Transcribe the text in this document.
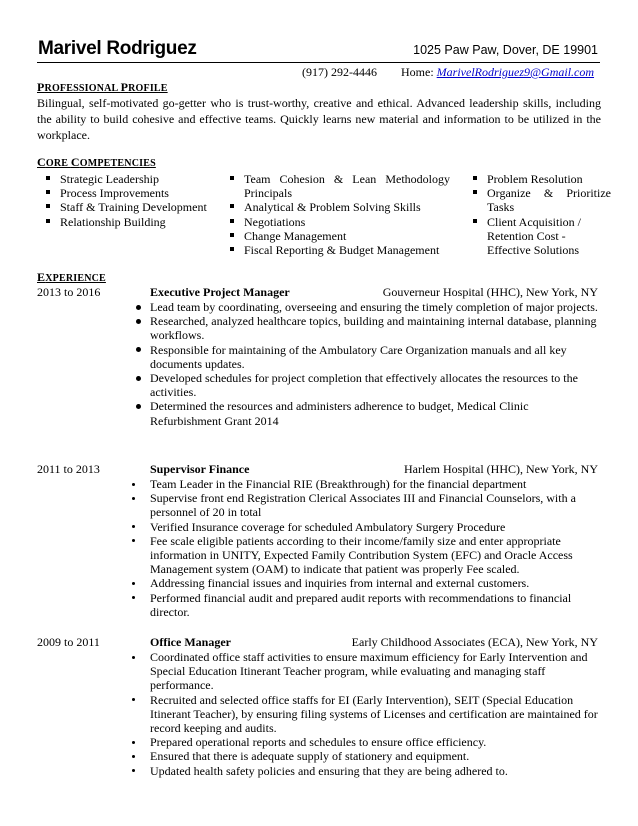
Marivel Rodriguez	1025 Paw Paw, Dover, DE 19901
(917) 292-4446 Home: MarivelRodriguez9@Gmail.com
PROFESSIONAL PROFILE
Bilingual, self-motivated go-getter who is trust-worthy, creative and ethical. Advanced leadership skills, including the ability to build cohesive and effective teams. Quickly learns new material and information to be utilized in the workplace.
CORE COMPETENCIES
Strategic Leadership
Process Improvements
Staff & Training Development
Relationship Building
Team Cohesion & Lean Methodology Principals
Analytical & Problem Solving Skills
Negotiations
Change Management
Fiscal Reporting & Budget Management
Problem Resolution
Organize & Prioritize Tasks
Client Acquisition / Retention Cost - Effective Solutions
EXPERIENCE
2013 to 2016	Executive Project Manager	Gouverneur Hospital (HHC), New York, NY
Lead team by coordinating, overseeing and ensuring the timely completion of major projects.
Researched, analyzed healthcare topics, building and maintaining internal database, planning workflows.
Responsible for maintaining of the Ambulatory Care Organization manuals and all key documents updates.
Developed schedules for project completion that effectively allocates the resources to the activities.
Determined the resources and administers adherence to budget, Medical Clinic Refurbishment Grant 2014
2011 to 2013	Supervisor Finance	Harlem Hospital (HHC), New York, NY
Team Leader in the Financial RIE (Breakthrough) for the financial department
Supervise front end Registration Clerical Associates III and Financial Counselors, with a personnel of 20 in total
Verified Insurance coverage for scheduled Ambulatory Surgery Procedure
Fee scale eligible patients according to their income/family size and enter appropriate information in UNITY, Expected Family Contribution System (EFC) and Oracle Access Management system (OAM) to indicate that patient was properly Fee scaled.
Addressing financial issues and inquiries from internal and external customers.
Performed financial audit and prepared audit reports with recommendations to financial director.
2009 to 2011	Office Manager	Early Childhood Associates (ECA), New York, NY
Coordinated office staff activities to ensure maximum efficiency for Early Intervention and Special Education Itinerant Teacher program, while evaluating and managing staff performance.
Recruited and selected office staffs for EI (Early Intervention), SEIT (Special Education Itinerant Teacher), by ensuring filing systems of Licenses and certification are maintained for record keeping and audits.
Prepared operational reports and schedules to ensure office efficiency.
Ensured that there is adequate supply of stationery and equipment.
Updated health safety policies and ensuring that they are being adhered to.
